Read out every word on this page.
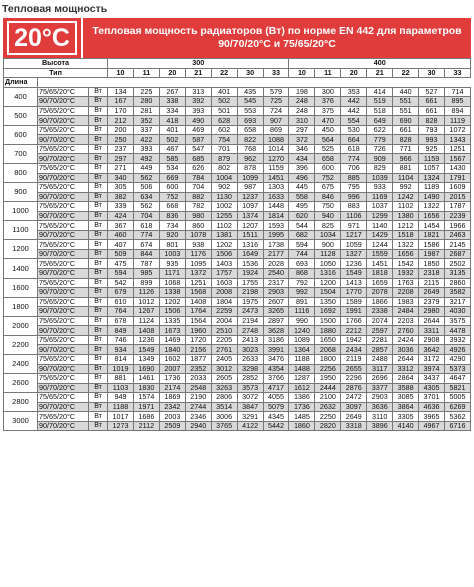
Тепловая мощность
20°C	Тепловая мощность радиаторов (Вт) по норме EN 442 для параметров 90/70/20°C и 75/65/20°C
Высота			300							400						
Тип			10	11	20	21	22	30	33	10	11	20	21	22	30	33
Длина																
400	75/65/20°C	Вт	134	225	267	313	401	435	579	198	300	353	414	440	527	714
	90/70/20°C	Вт	167	280	338	392	502	545	725	248	376	442	519	551	661	895
500	75/65/20°C	Вт	170	281	334	393	501	553	724	248	375	442	518	551	661	894
	90/70/20°C	Вт	212	352	418	490	628	693	907	310	470	554	649	690	828	1119
600	75/65/20°C	Вт	200	337	401	469	602	658	869	297	450	530	622	661	793	1072
	90/70/20°C	Вт	250	422	502	587	754	822	1088	372	564	664	779	828	993	1343
700	75/65/20°C	Вт	237	393	467	547	701	768	1014	346	525	618	726	771	925	1251
	90/70/20°C	Вт	297	492	585	685	879	962	1270	434	658	774	909	966	1159	1567
800	75/65/20°C	Вт	271	449	534	626	802	878	1159	396	600	706	829	881	1057	1430
	90/70/20°C	Вт	340	562	669	784	1004	1099	1451	496	752	885	1039	1104	1324	1791
900	75/65/20°C	Вт	305	506	600	704	902	987	1303	445	675	795	933	992	1189	1609
	90/70/20°C	Вт	382	634	752	882	1130	1237	1633	558	846	996	1169	1242	1490	2015
1000	75/65/20°C	Вт	339	562	668	782	1002	1097	1448	495	750	883	1037	1102	1322	1787
	90/70/20°C	Вт	424	704	836	980	1255	1374	1814	620	940	1106	1299	1380	1656	2239
1100	75/65/20°C	Вт	367	618	734	860	1102	1207	1593	544	825	971	1140	1212	1454	1966
	90/70/20°C	Вт	460	774	920	1078	1381	1511	1995	682	1034	1217	1429	1518	1821	2463
1200	75/65/20°C	Вт	407	674	801	938	1202	1316	1738	594	900	1059	1244	1322	1586	2145
	90/70/20°C	Вт	509	844	1003	1176	1506	1649	2177	744	1128	1327	1559	1656	1987	2687
1400	75/65/20°C	Вт	475	787	935	1095	1403	1536	2028	693	1050	1236	1451	1542	1850	2502
	90/70/20°C	Вт	594	985	1171	1372	1757	1924	2540	868	1316	1549	1818	1932	2318	3135
1600	75/65/20°C	Вт	542	899	1068	1251	1603	1755	2317	792	1200	1413	1659	1763	2115	2860
	90/70/20°C	Вт	679	1126	1338	1568	2008	2198	2903	992	1504	1770	2078	2208	2649	3582
1800	75/65/20°C	Вт	610	1012	1202	1408	1804	1975	2607	891	1350	1589	1866	1983	2379	3217
	90/70/20°C	Вт	764	1267	1506	1764	2259	2473	3265	1116	1692	1991	2338	2484	2980	4030
2000	75/65/20°C	Вт	678	1124	1335	1564	2004	2194	2897	990	1500	1766	2074	2203	2644	3575
	90/70/20°C	Вт	849	1408	1673	1960	2510	2748	3628	1240	1880	2212	2597	2760	3311	4478
2200	75/65/20°C	Вт	746	1236	1469	1720	2205	2413	3186	1089	1650	1942	2281	2424	2908	3932
	90/70/20°C	Вт	934	1549	1840	2156	2761	3023	3991	1364	2068	2434	2857	3036	3642	4926
2400	75/65/20°C	Вт	814	1349	1602	1877	2405	2633	3476	1188	1800	2119	2488	2644	3172	4290
	90/70/20°C	Вт	1019	1690	2007	2352	3012	3298	4354	1488	2256	2655	3117	3312	3974	5373
2600	75/65/20°C	Вт	881	1461	1736	2033	2605	2852	3766	1287	1950	2296	2696	2864	3437	4647
	90/70/20°C	Вт	1103	1830	2174	2548	3263	3573	4717	1612	2444	2876	3377	3588	4305	5821
2800	75/65/20°C	Вт	949	1574	1869	2190	2806	3072	4055	1386	2100	2472	2903	3085	3701	5005
	90/70/20°C	Вт	1188	1971	2342	2744	3514	3847	5079	1736	2632	3097	3636	3864	4636	6269
3000	75/65/20°C	Вт	1017	1686	2003	2346	3006	3291	4345	1485	2250	2649	3110	3305	3965	5362
	90/70/20°C	Вт	1273	2112	2509	2940	3765	4122	5442	1860	2820	3318	3896	4140	4967	6716
